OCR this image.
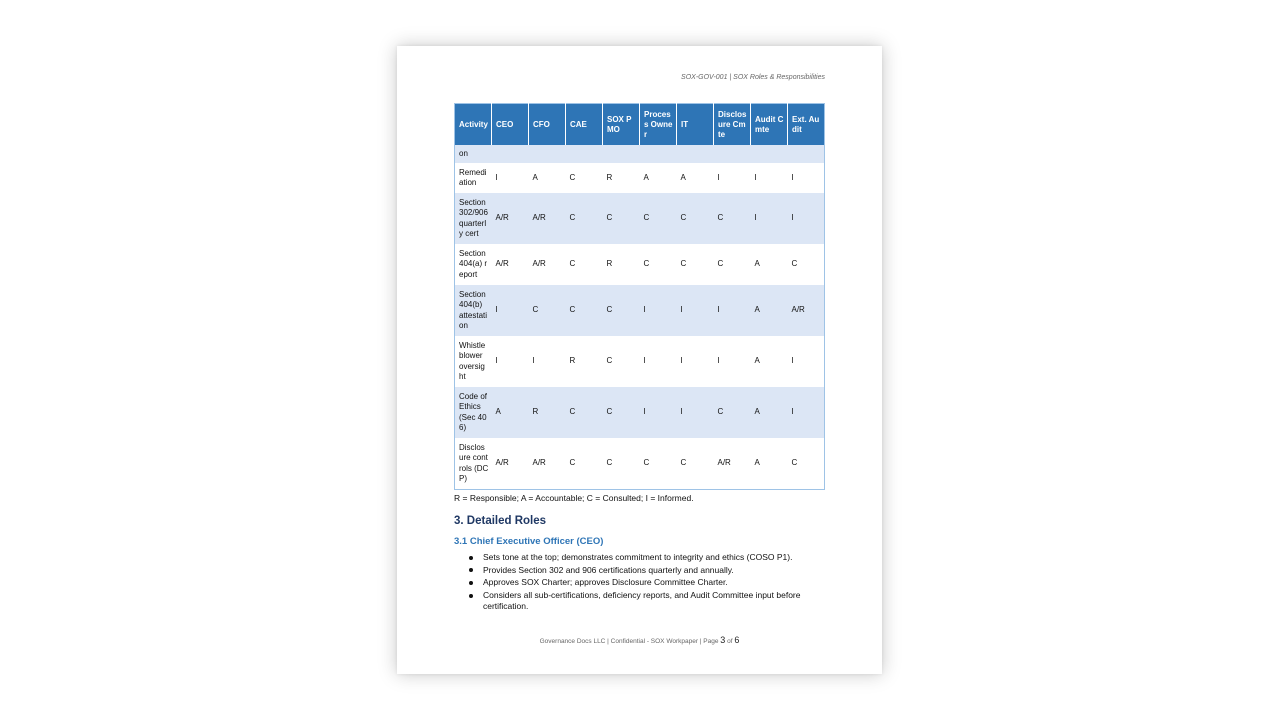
SOX-GOV-001 | SOX Roles & Responsibilities
Activity	CEO	CFO	CAE	SOX PMO	Process Owner	IT	Disclosure Cmte	Audit Cmte	Ext. Audit
on									
Remediation	I	A	C	R	A	A	I	I	I
Section 302/906 quarterly cert	A/R	A/R	C	C	C	C	C	I	I
Section 404(a) report	A/R	A/R	C	R	C	C	C	A	C
Section 404(b) attestation	I	C	C	C	I	I	I	A	A/R
Whistleblower oversight	I	I	R	C	I	I	I	A	I
Code of Ethics (Sec 406)	A	R	C	C	I	I	C	A	I
Disclosure controls (DCP)	A/R	A/R	C	C	C	C	A/R	A	C
R = Responsible; A = Accountable; C = Consulted; I = Informed.
3. Detailed Roles
3.1 Chief Executive Officer (CEO)
Sets tone at the top; demonstrates commitment to integrity and ethics (COSO P1).
Provides Section 302 and 906 certifications quarterly and annually.
Approves SOX Charter; approves Disclosure Committee Charter.
Considers all sub-certifications, deficiency reports, and Audit Committee input before certification.
Governance Docs LLC | Confidential - SOX Workpaper | Page 3 of 6
